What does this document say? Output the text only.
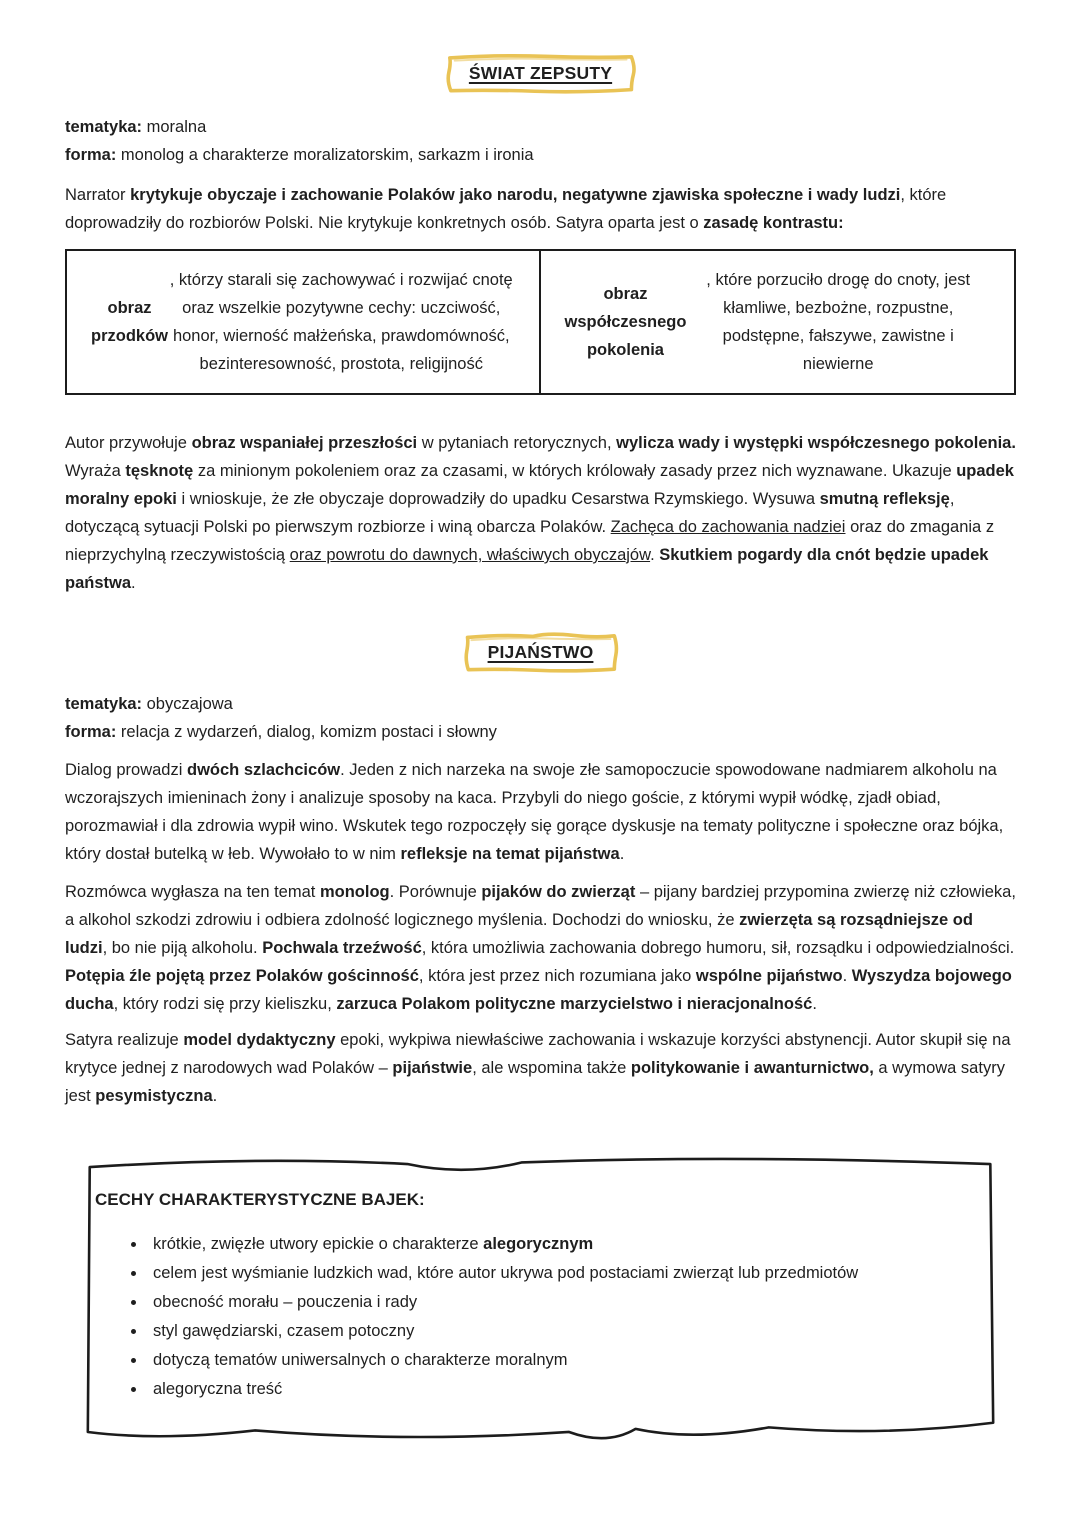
ŚWIAT ZEPSUTY

tematyka: moralna

forma: monolog a charakterze moralizatorskim, sarkazm i ironia

Narrator krytykuje obyczaje i zachowanie Polaków jako narodu, negatywne zjawiska społeczne i wady ludzi, które doprowadziły do rozbiorów Polski. Nie krytykuje konkretnych osób. Satyra oparta jest o zasadę kontrastu:

obraz przodków
, którzy starali się zachowywać i rozwijać cnotę oraz wszelkie pozytywne cechy: uczciwość, honor, wierność małżeńska, prawdomówność, bezinteresowność, prostota, religijność
obraz współczesnego pokolenia
, które porzuciło drogę do cnoty, jest kłamliwe, bezbożne, rozpustne, podstępne, fałszywe, zawistne i niewierne

Autor przywołuje obraz wspaniałej przeszłości w pytaniach retorycznych, wylicza wady i występki współczesnego pokolenia. Wyraża tęsknotę za minionym pokoleniem oraz za czasami, w których królowały zasady przez nich wyznawane. Ukazuje upadek moralny epoki i wnioskuje, że złe obyczaje doprowadziły do upadku Cesarstwa Rzymskiego. Wysuwa smutną refleksję, dotyczącą sytuacji Polski po pierwszym rozbiorze i winą obarcza Polaków. Zachęca do zachowania nadziei oraz do zmagania z nieprzychylną rzeczywistością oraz powrotu do dawnych, właściwych obyczajów. Skutkiem pogardy dla cnót będzie upadek państwa.

PIJAŃSTWO

tematyka: obyczajowa

forma: relacja z wydarzeń, dialog, komizm postaci i słowny

Dialog prowadzi dwóch szlachciców. Jeden z nich narzeka na swoje złe samopoczucie spowodowane nadmiarem alkoholu na wczorajszych imieninach żony i analizuje sposoby na kaca. Przybyli do niego goście, z którymi wypił wódkę, zjadł obiad, porozmawiał i dla zdrowia wypił wino. Wskutek tego rozpoczęły się gorące dyskusje na tematy polityczne i społeczne oraz bójka, który dostał butelką w łeb. Wywołało to w nim refleksje na temat pijaństwa.

Rozmówca wygłasza na ten temat monolog. Porównuje pijaków do zwierząt – pijany bardziej przypomina zwierzę niż człowieka, a alkohol szkodzi zdrowiu i odbiera zdolność logicznego myślenia. Dochodzi do wniosku, że zwierzęta są rozsądniejsze od ludzi, bo nie piją alkoholu. Pochwala trzeźwość, która umożliwia zachowania dobrego humoru, sił, rozsądku i odpowiedzialności. Potępia źle pojętą przez Polaków gościnność, która jest przez nich rozumiana jako wspólne pijaństwo. Wyszydza bojowego ducha, który rodzi się przy kieliszku, zarzuca Polakom polityczne marzycielstwo i nieracjonalność.

Satyra realizuje model dydaktyczny epoki, wykpiwa niewłaściwe zachowania i wskazuje korzyści abstynencji. Autor skupił się na krytyce jednej z narodowych wad Polaków – pijaństwie, ale wspomina także politykowanie i awanturnictwo, a wymowa satyry jest pesymistyczna.

CECHY CHARAKTERYSTYCZNE BAJEK:

• krótkie, zwięzłe utwory epickie o charakterze alegorycznym
• celem jest wyśmianie ludzkich wad, które autor ukrywa pod postaciami zwierząt lub przedmiotów
• obecność morału – pouczenia i rady
• styl gawędziarski, czasem potoczny
• dotyczą tematów uniwersalnych o charakterze moralnym
• alegoryczna treść
